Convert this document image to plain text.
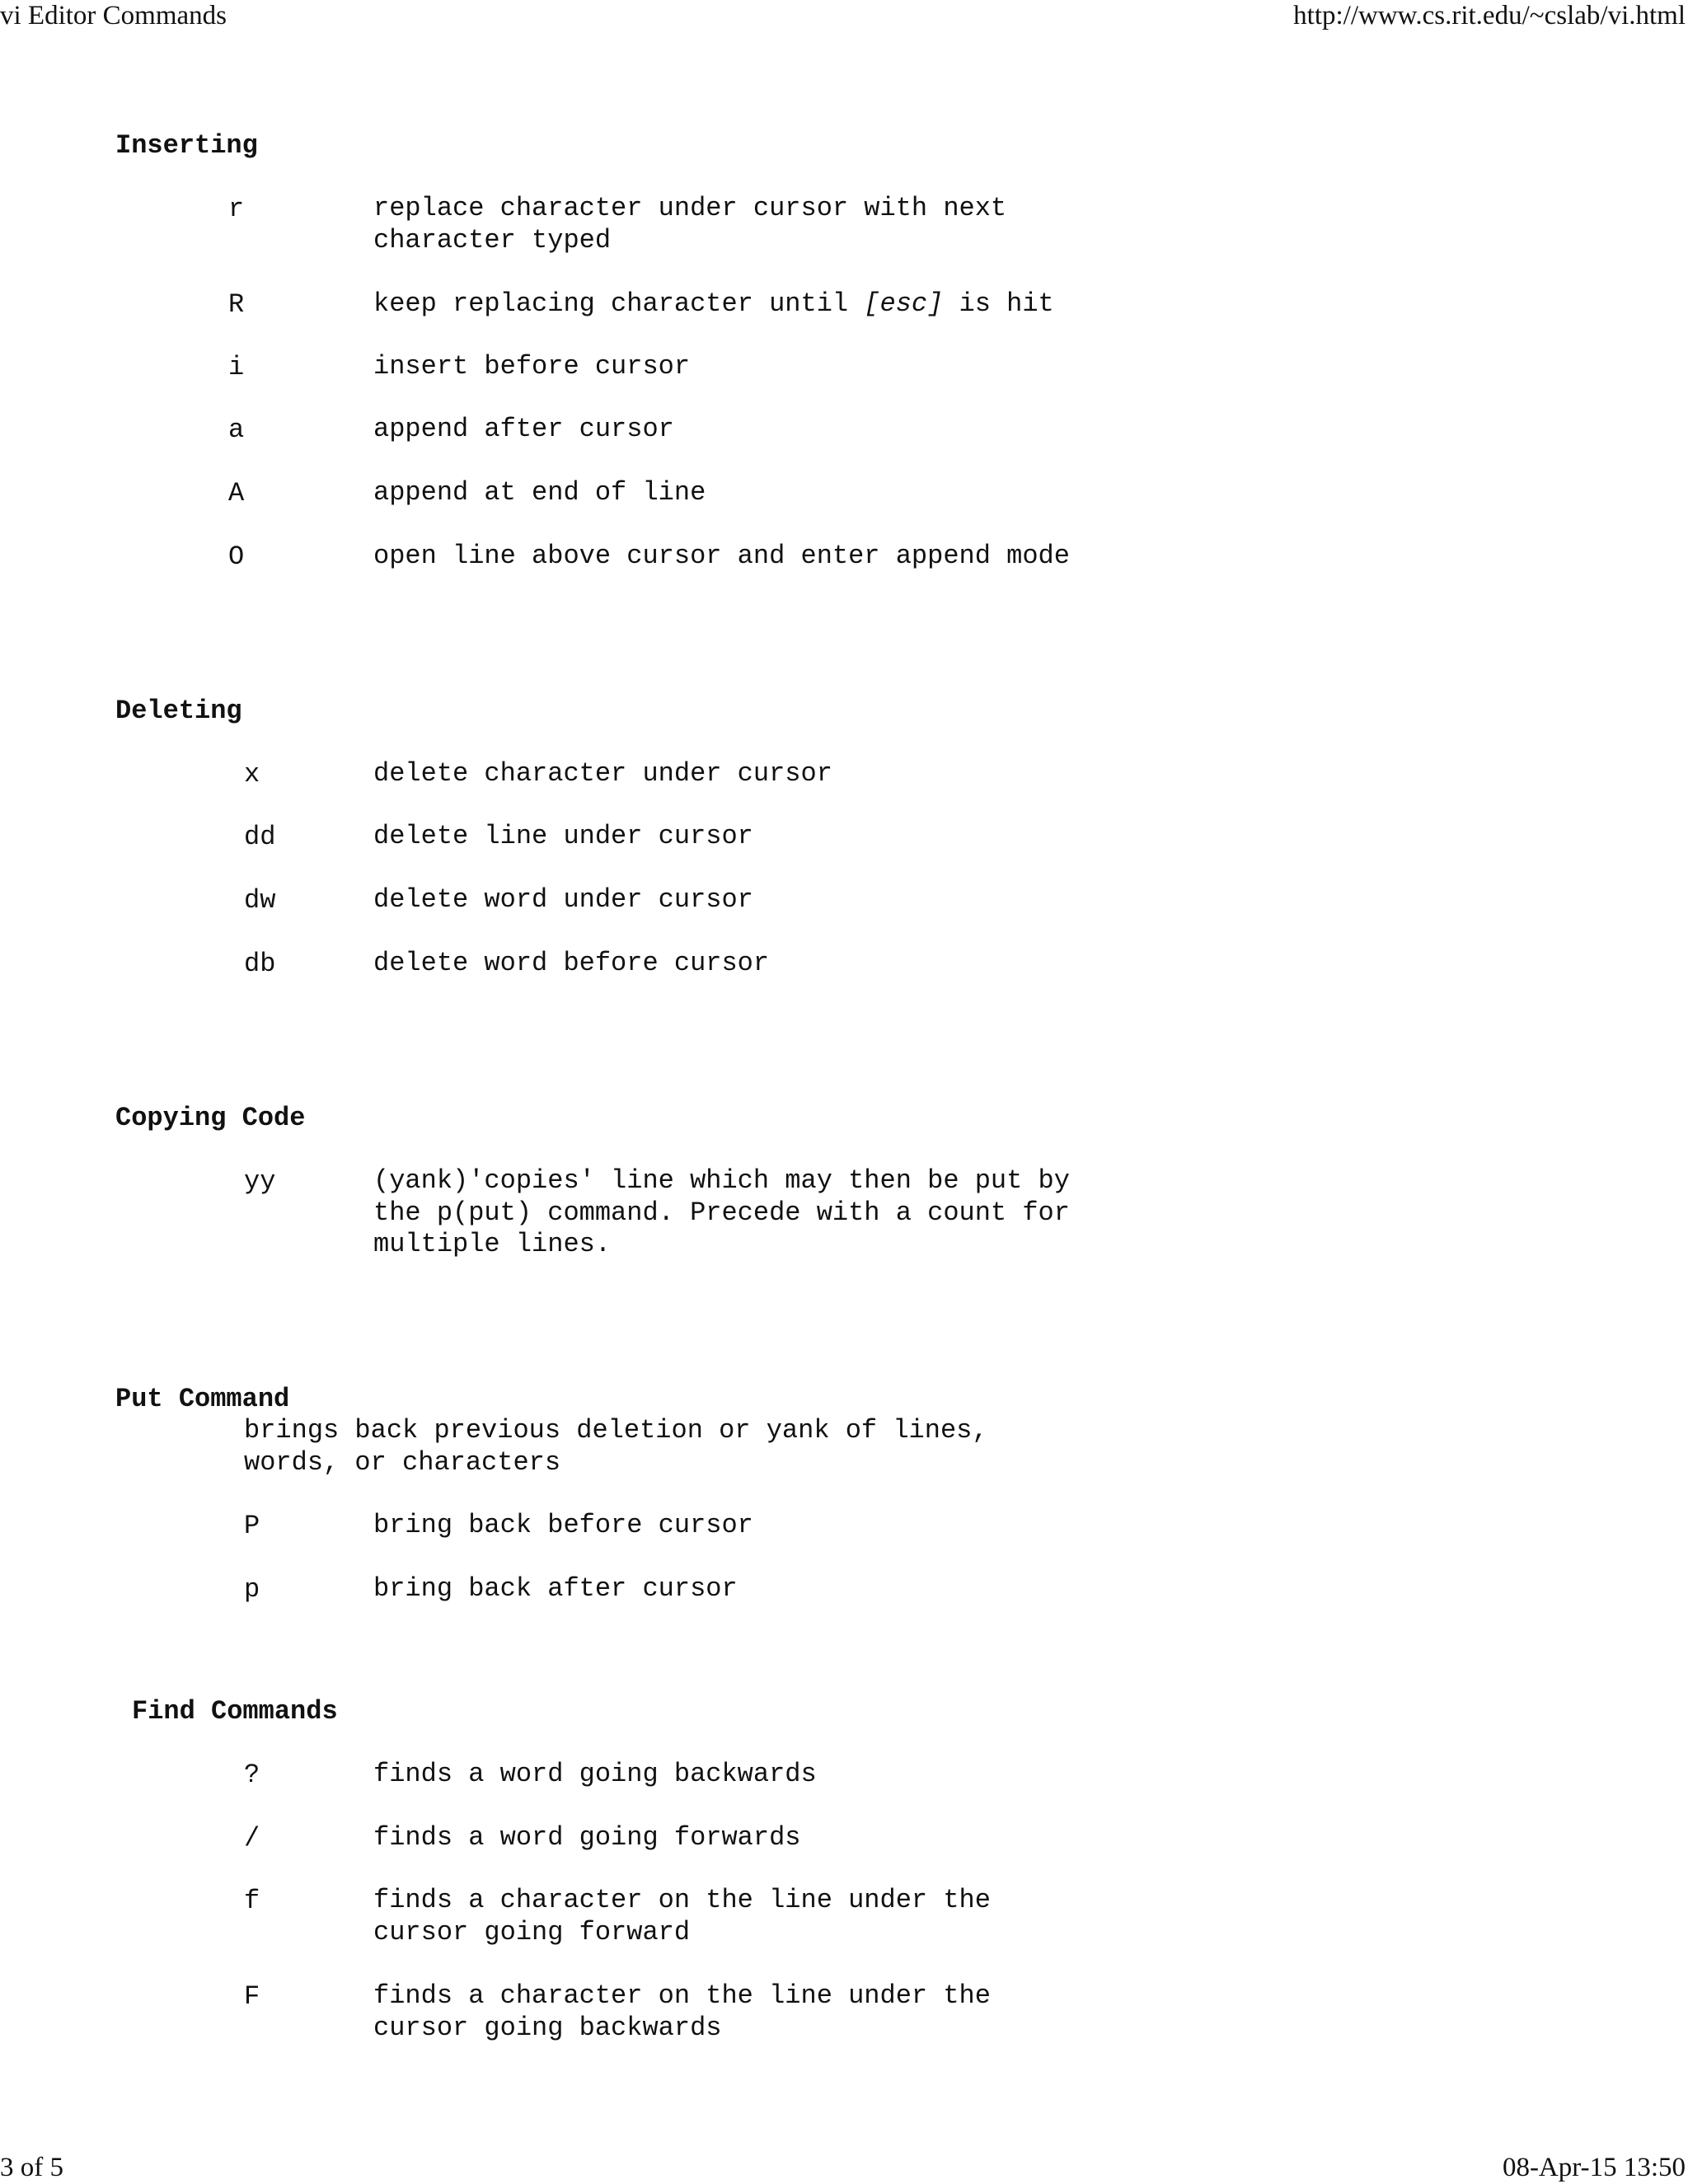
vi Editor Commands	http://www.cs.rit.edu/~cslab/vi.html
Inserting
r	replace character under cursor with next
character typed
R	keep replacing character until [esc] is hit
i	insert before cursor
a	append after cursor
A	append at end of line
O	open line above cursor and enter append mode
Deleting
x	delete character under cursor
dd	delete line under cursor
dw	delete word under cursor
db	delete word before cursor
Copying Code
yy	(yank)'copies' line which may then be put by
the p(put) command. Precede with a count for
multiple lines.
Put Command
brings back previous deletion or yank of lines,
words, or characters
P	bring back before cursor
p	bring back after cursor
Find Commands
?	finds a word going backwards
/	finds a word going forwards
f	finds a character on the line under the
cursor going forward
F	finds a character on the line under the
cursor going backwards
3 of 5	08-Apr-15 13:50
